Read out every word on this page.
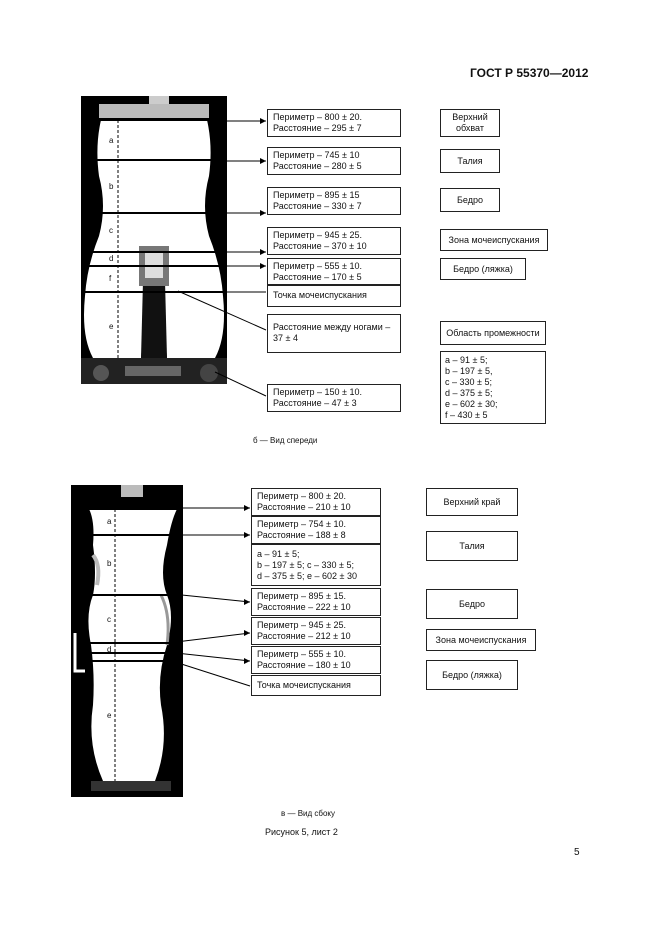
ГОСТ Р 55370—2012
a
b
c
d
f
e
Периметр – 800 ± 20.
Расстояние – 295 ± 7
Периметр – 745 ± 10
Расстояние – 280 ± 5
Периметр – 895 ± 15
Расстояние – 330 ± 7
Периметр – 945 ± 25.
Расстояние – 370 ± 10
Периметр – 555 ± 10.
Расстояние – 170 ± 5
Точка мочеиспускания
Расстояние между ногами –
37 ± 4
Периметр – 150 ± 10.
Расстояние – 47 ± 3
Верхний обхват
Талия
Бедро
Зона мочеиспускания
Бедро (ляжка)
Область промежности
a – 91 ± 5;
b – 197 ± 5,
c – 330 ± 5;
d – 375 ± 5;
e – 602 ± 30;
f – 430 ± 5
б — Вид спереди
a
b
c
d
e
Периметр – 800 ± 20.
Расстояние – 210 ± 10
Периметр – 754 ± 10.
Расстояние – 188 ± 8
a – 91 ± 5;
b – 197 ± 5; c – 330 ± 5;
d – 375 ± 5; e – 602 ± 30
Периметр – 895 ± 15.
Расстояние – 222 ± 10
Периметр – 945 ± 25.
Расстояние – 212 ± 10
Периметр – 555 ± 10.
Расстояние – 180 ± 10
Точка мочеиспускания
Верхний край
Талия
Бедро
Зона мочеиспускания
Бедро (ляжка)
в — Вид сбоку
Рисунок 5, лист 2
5
